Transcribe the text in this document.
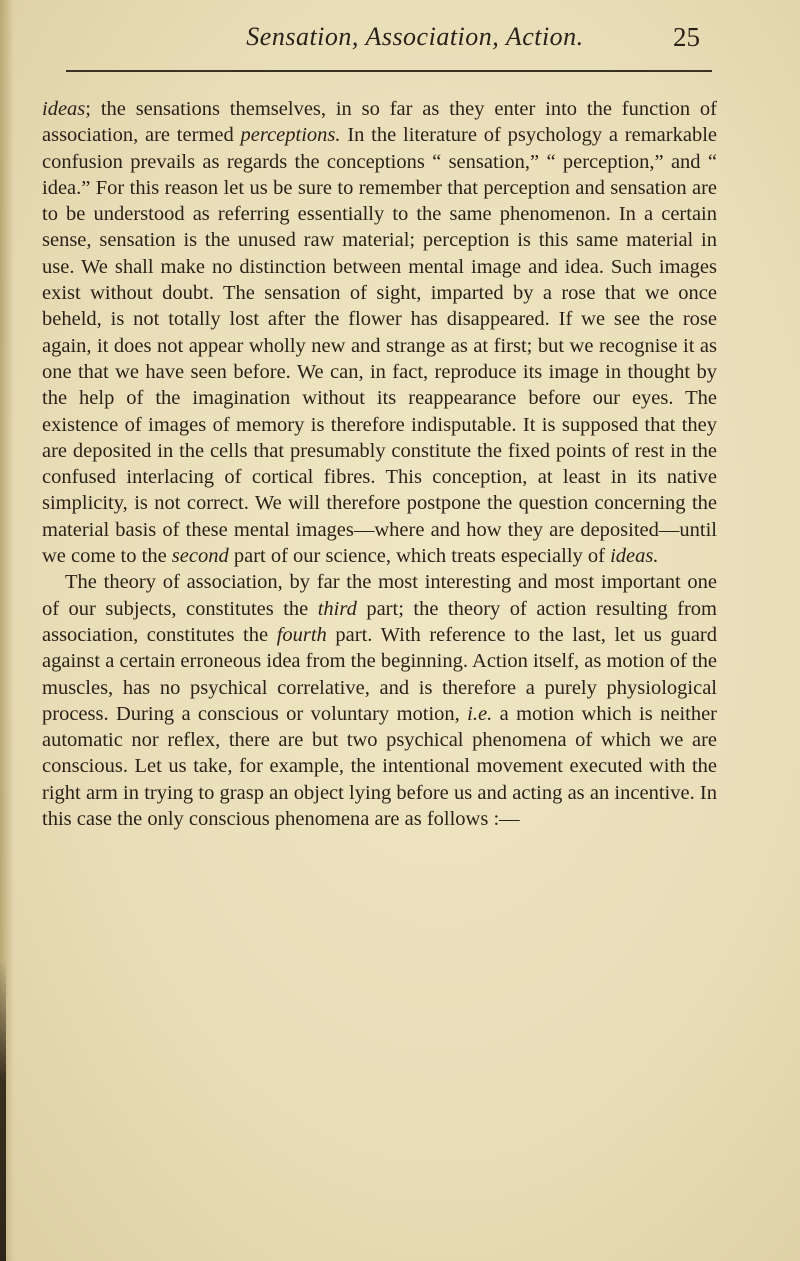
Sensation, Association, Action.	25

ideas; the sensations themselves, in so far as they enter into the function of association, are termed perceptions. In the literature of psychology a remarkable confusion prevails as regards the conceptions “ sensation,” “ perception,” and “ idea.” For this reason let us be sure to remember that perception and sensation are to be understood as referring essentially to the same phenomenon. In a certain sense, sensation is the unused raw material; perception is this same material in use. We shall make no distinction between mental image and idea. Such images exist without doubt. The sensation of sight, imparted by a rose that we once beheld, is not totally lost after the flower has disappeared. If we see the rose again, it does not appear wholly new and strange as at first; but we recognise it as one that we have seen before. We can, in fact, reproduce its image in thought by the help of the imagination without its reappearance before our eyes. The existence of images of memory is therefore indisputable. It is supposed that they are deposited in the cells that presumably constitute the fixed points of rest in the confused interlacing of cortical fibres. This conception, at least in its native simplicity, is not correct. We will therefore postpone the question concerning the material basis of these mental images—where and how they are deposited—until we come to the second part of our science, which treats especially of ideas.

The theory of association, by far the most interesting and most important one of our subjects, constitutes the third part; the theory of action resulting from association, constitutes the fourth part. With reference to the last, let us guard against a certain erroneous idea from the beginning. Action itself, as motion of the muscles, has no psychical correlative, and is therefore a purely physiological process. During a conscious or voluntary motion, i.e. a motion which is neither automatic nor reflex, there are but two psychical phenomena of which we are conscious. Let us take, for example, the intentional movement executed with the right arm in trying to grasp an object lying before us and acting as an incentive. In this case the only conscious phenomena are as follows :—
